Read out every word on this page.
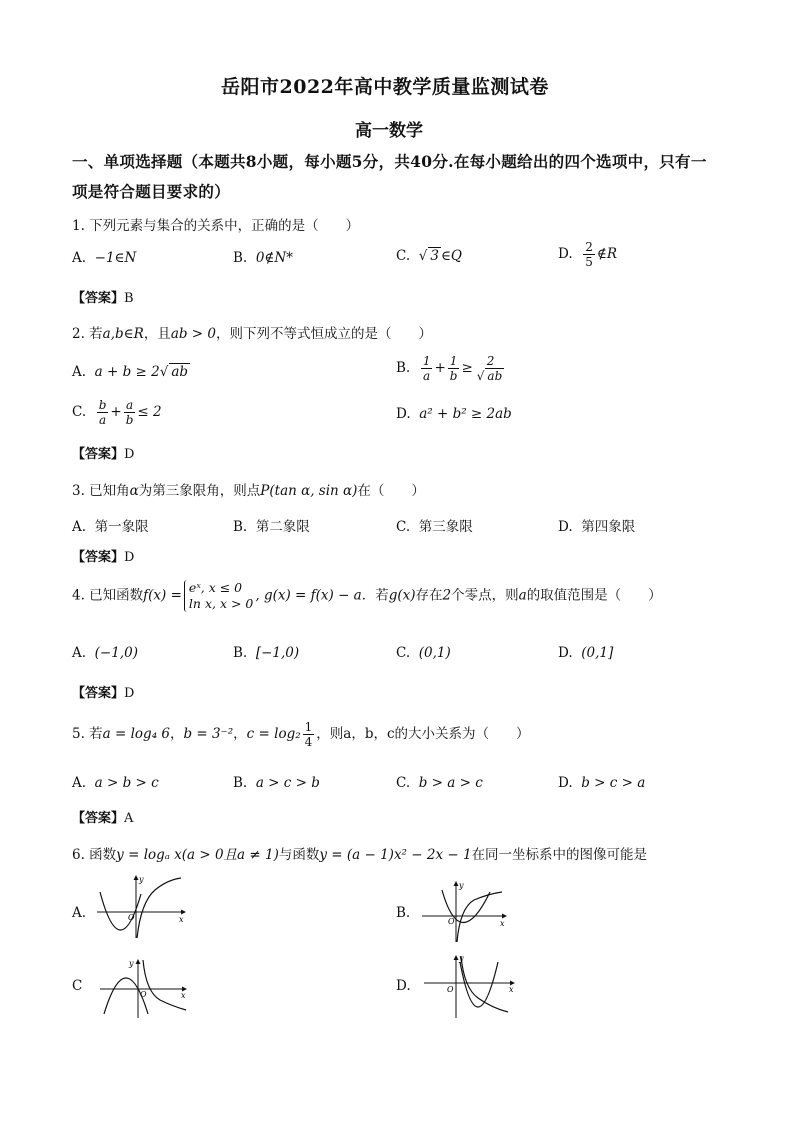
岳阳市2022年高中教学质量监测试卷
高一数学
一、单项选择题（本题共8小题，每小题5分，共40分.在每小题给出的四个选项中，只有一
项是符合题目要求的）
1. 下列元素与集合的关系中，正确的是（　　）
A. −1∈N	B. 0∉N*	C. √ 3 ∈Q	D. $\frac{2}{5}$ ∉R
【答案】B
2. 若a,b∈R，且ab > 0，则下列不等式恒成立的是（　　）
A. a + b ≥ 2√ ab	B. $\frac{1}{a} + \frac{1}{b} \ge \frac{2}{√ ab}$
C. $\frac{b}{a} + \frac{a}{b} \le 2$	D. a² + b² ≥ 2ab
【答案】D
3. 已知角α为第三象限角，则点P(tan α, sin α)在（　　）
A. 第一象限	B. 第二象限	C. 第三象限	D. 第四象限
【答案】D
4. 已知函数f(x) = eˣ, x ≤ 0
ln x, x > 0 , g(x) = f(x) − a．若g(x)存在2个零点，则a的取值范围是（　　）
A. (−1,0)	B. [−1,0)	C. (0,1)	D. (0,1]
【答案】D
5. 若a = log₄ 6，b = 3⁻²，$c = \log_2 \frac{1}{4}$ ，则a，b，c的大小关系为（　　）
A. a > b > c	B. a > c > b	C. b > a > c	D. b > c > a
【答案】A
6. 函数y = logₐ x(a > 0且a ≠ 1)与函数y = (a − 1)x² − 2x − 1在同一坐标系中的图像可能是
A.	B.
C	D.
y
x
O
y
x
O
y
x
O
y
x
O
